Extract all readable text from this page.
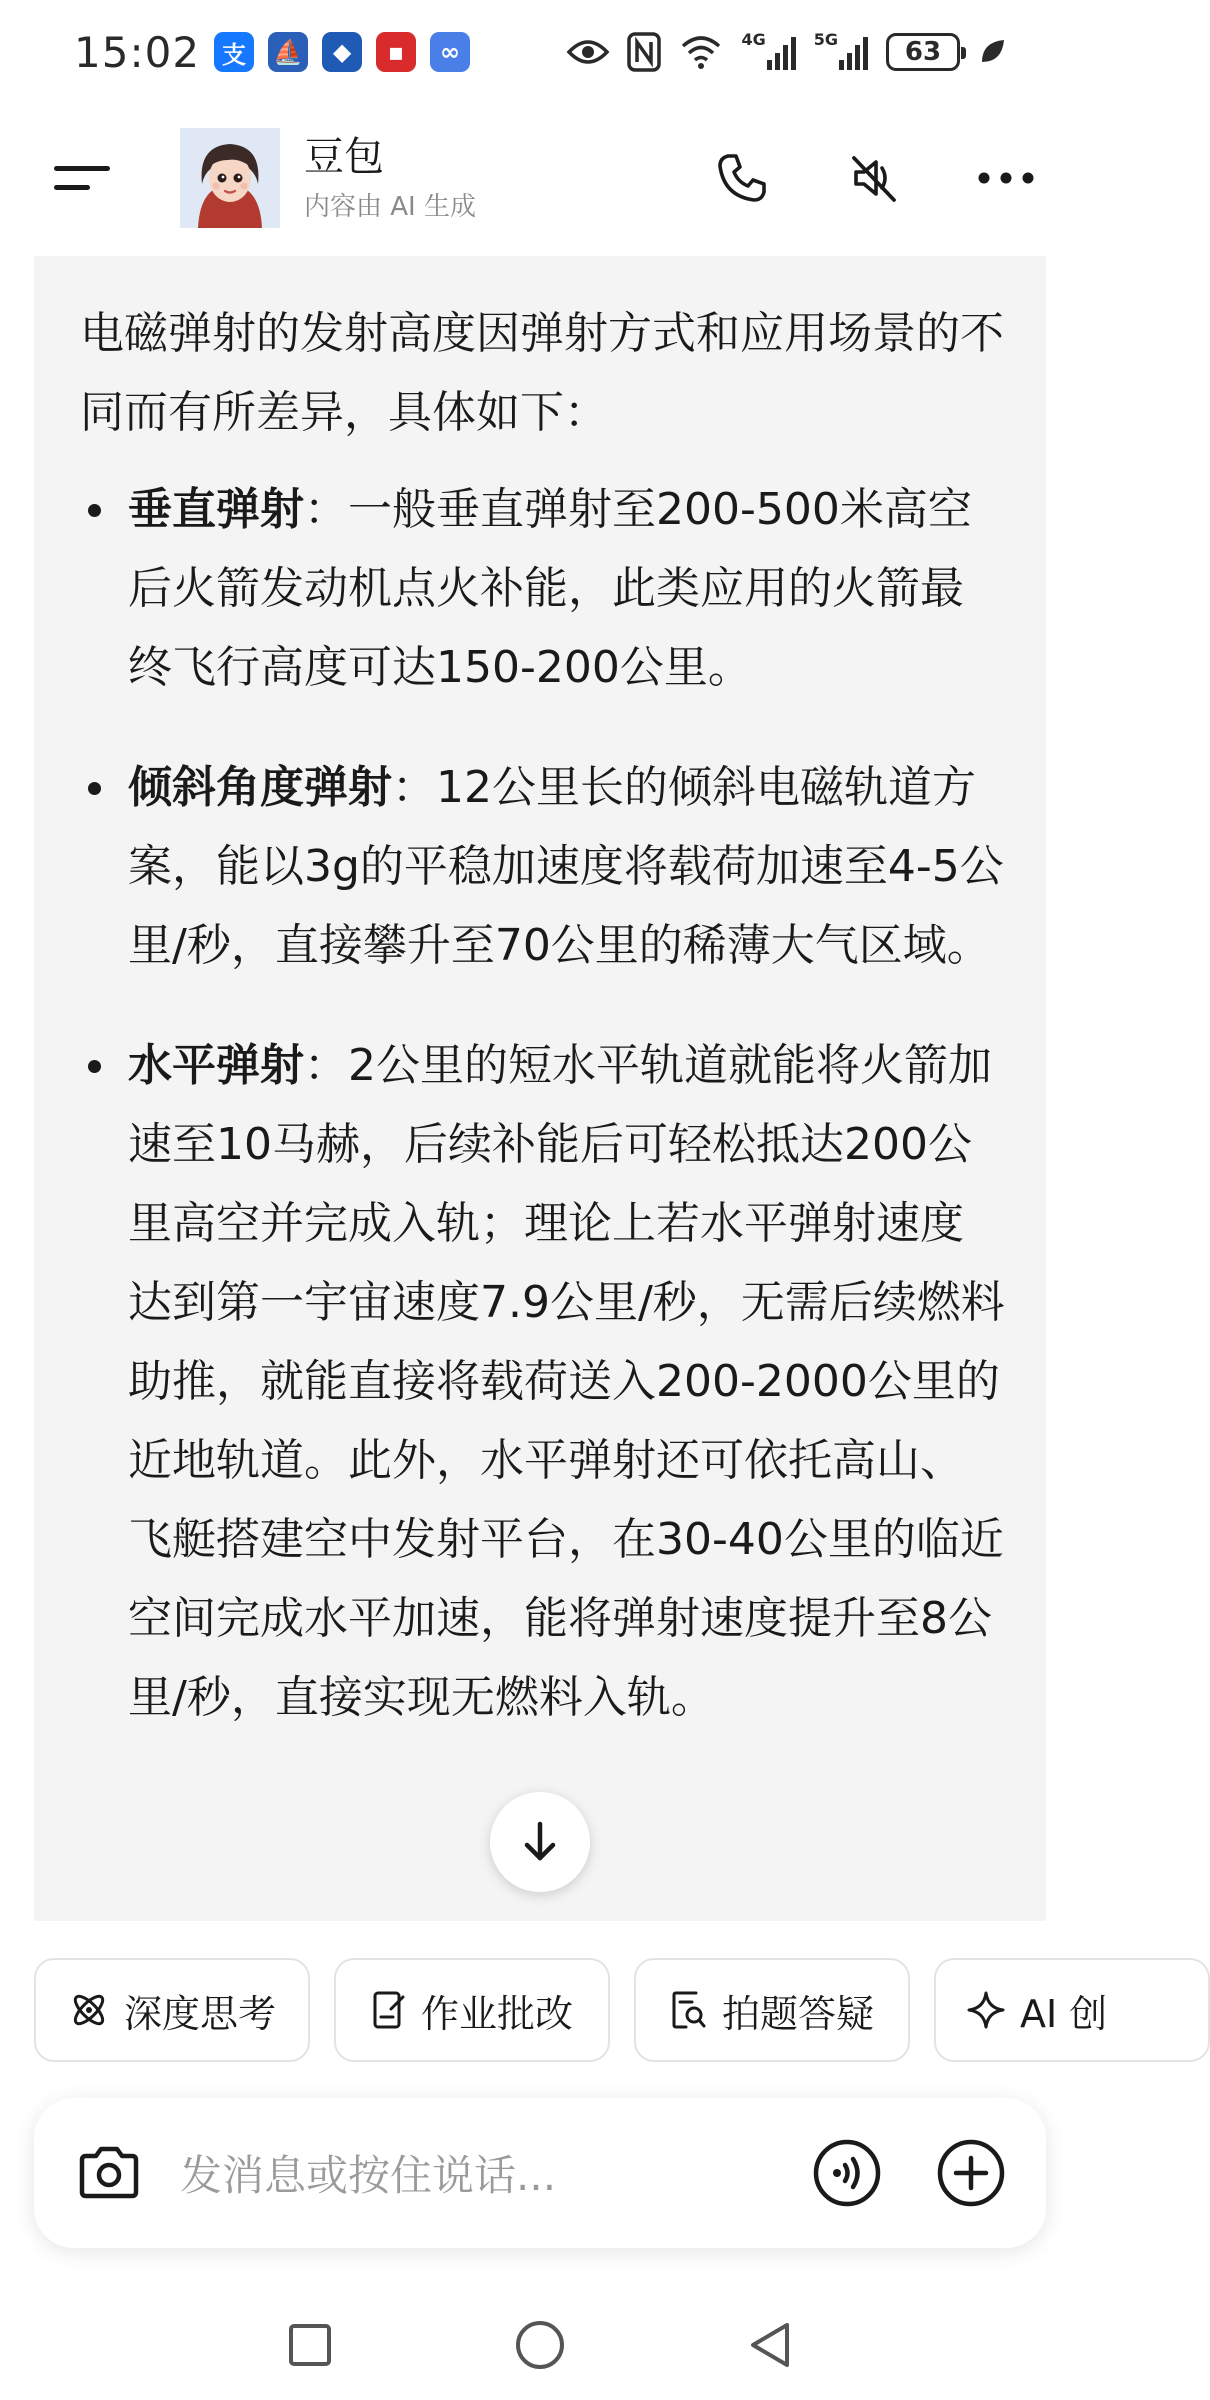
15:02 支	⛵	◆	▪	∞	4G	5G	63
豆包
内容由 AI 生成

电磁弹射的发射高度因弹射方式和应用场景的不同而有所差异，具体如下：

垂直弹射：一般垂直弹射至200-500米高空后火箭发动机点火补能，此类应用的火箭最终飞行高度可达150-200公里。
倾斜角度弹射：12公里长的倾斜电磁轨道方案，能以3g的平稳加速度将载荷加速至4-5公里/秒，直接攀升至70公里的稀薄大气区域。
水平弹射：2公里的短水平轨道就能将火箭加速至10马赫，后续补能后可轻松抵达200公里高空并完成入轨；理论上若水平弹射速度达到第一宇宙速度7.9公里/秒，无需后续燃料助推，就能直接将载荷送入200-2000公里的近地轨道。此外，水平弹射还可依托高山、飞艇搭建空中发射平台，在30-40公里的临近空间完成水平加速，能将弹射速度提升至8公里/秒，直接实现无燃料入轨。
深度思考	作业批改	拍题答疑	AI 创
发消息或按住说话...
